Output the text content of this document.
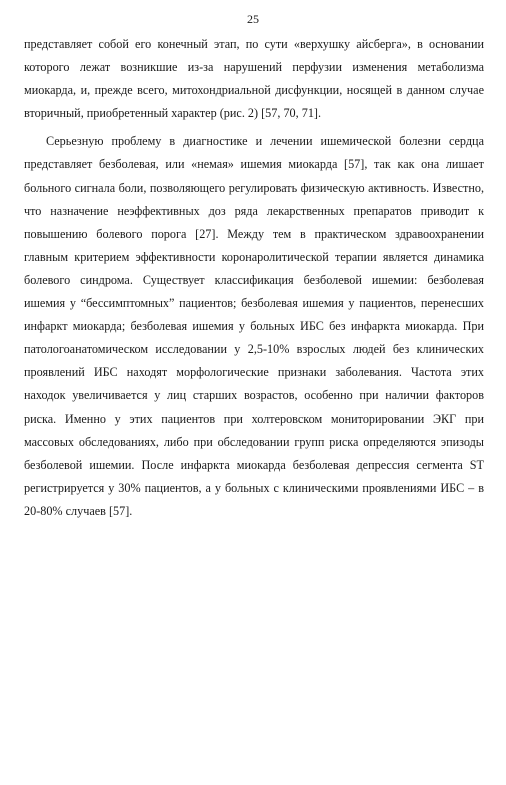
25

представляет собой его конечный этап, по сути «верхушку айсберга», в основании которого лежат возникшие из-за нарушений перфузии изменения метаболизма миокарда, и, прежде всего, митохондриальной дисфункции, носящей в данном случае вторичный, приобретенный характер (рис. 2) [57, 70, 71].

Серьезную проблему в диагностике и лечении ишемической болезни сердца представляет безболевая, или «немая» ишемия миокарда [57], так как она лишает больного сигнала боли, позволяющего регулировать физическую активность. Известно, что назначение неэффективных доз ряда лекарственных препаратов приводит к повышению болевого порога [27]. Между тем в практическом здравоохранении главным критерием эффективности коронаролитической терапии является динамика болевого синдрома. Существует классификация безболевой ишемии: безболевая ишемия у “бессимптомных” пациентов; безболевая ишемия у пациентов, перенесших инфаркт миокарда; безболевая ишемия у больных ИБС без инфаркта миокарда. При патологоанатомическом исследовании у 2,5-10% взрослых людей без клинических проявлений ИБС находят морфологические признаки заболевания. Частота этих находок увеличивается у лиц старших возрастов, особенно при наличии факторов риска. Именно у этих пациентов при холтеровском мониторировании ЭКГ при массовых обследованиях, либо при обследовании групп риска определяются эпизоды безболевой ишемии. После инфаркта миокарда безболевая депрессия сегмента ST регистрируется у 30% пациентов, а у больных с клиническими проявлениями ИБС – в 20-80% случаев [57].
